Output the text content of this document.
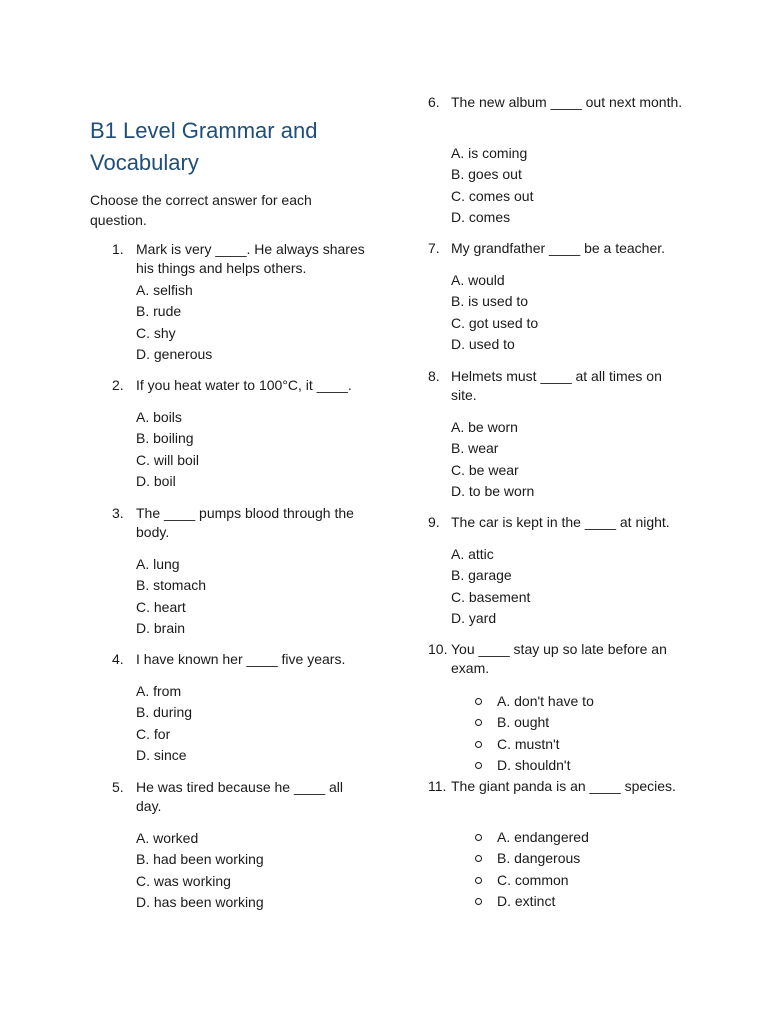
B1 Level Grammar and Vocabulary

Choose the correct answer for each question.

1. Mark is very ____. He always shares his things and helps others.
A. selfish
B. rude
C. shy
D. generous
2. If you heat water to 100°C, it ____.
A. boils
B. boiling
C. will boil
D. boil
3. The ____ pumps blood through the body.
A. lung
B. stomach
C. heart
D. brain
4. I have known her ____ five years.
A. from
B. during
C. for
D. since
5. He was tired because he ____ all day.
A. worked
B. had been working
C. was working
D. has been working
6. The new album ____ out next month.
A. is coming
B. goes out
C. comes out
D. comes
7. My grandfather ____ be a teacher.
A. would
B. is used to
C. got used to
D. used to
8. Helmets must ____ at all times on site.
A. be worn
B. wear
C. be wear
D. to be worn
9. The car is kept in the ____ at night.
A. attic
B. garage
C. basement
D. yard
10. You ____ stay up so late before an exam.
A. don't have to
B. ought
C. mustn't
D. shouldn't
11. The giant panda is an ____ species.
A. endangered
B. dangerous
C. common
D. extinct
